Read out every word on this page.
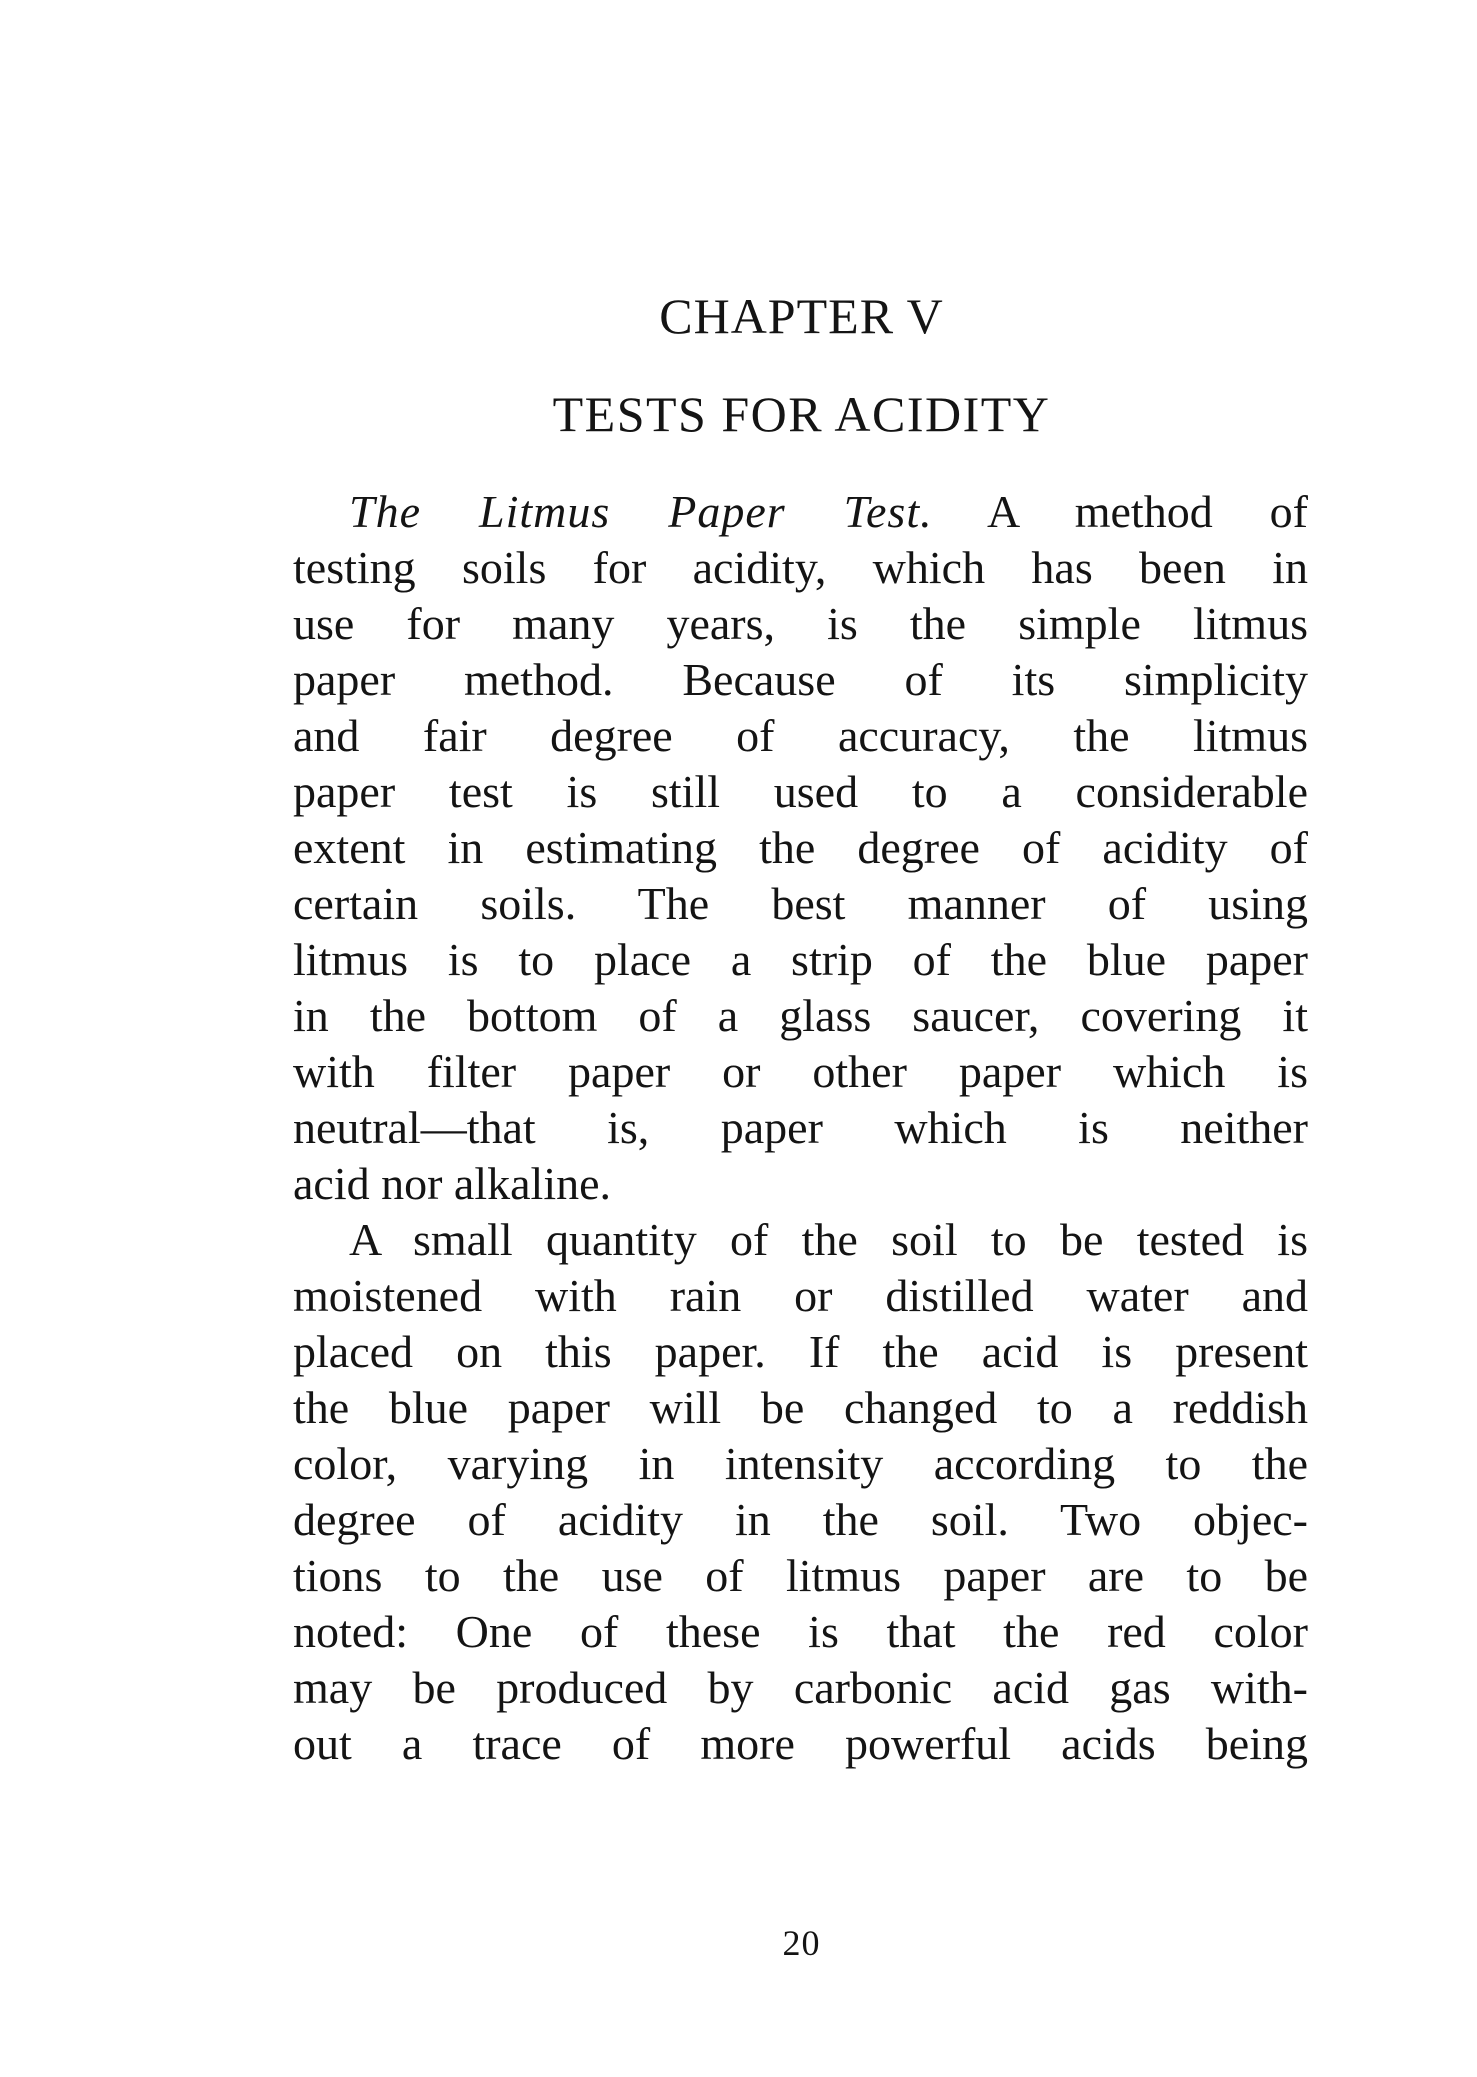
CHAPTER V
TESTS FOR ACIDITY
The Litmus Paper Test. A method of
testing soils for acidity, which has been in
use for many years, is the simple litmus
paper method. Because of its simplicity
and fair degree of accuracy, the litmus
paper test is still used to a considerable
extent in estimating the degree of acidity of
certain soils. The best manner of using
litmus is to place a strip of the blue paper
in the bottom of a glass saucer, covering it
with filter paper or other paper which is
neutral—that is, paper which is neither
acid nor alkaline.
A small quantity of the soil to be tested is
moistened with rain or distilled water and
placed on this paper. If the acid is present
the blue paper will be changed to a reddish
color, varying in intensity according to the
degree of acidity in the soil. Two objec-
tions to the use of litmus paper are to be
noted: One of these is that the red color
may be produced by carbonic acid gas with-
out a trace of more powerful acids being
20
